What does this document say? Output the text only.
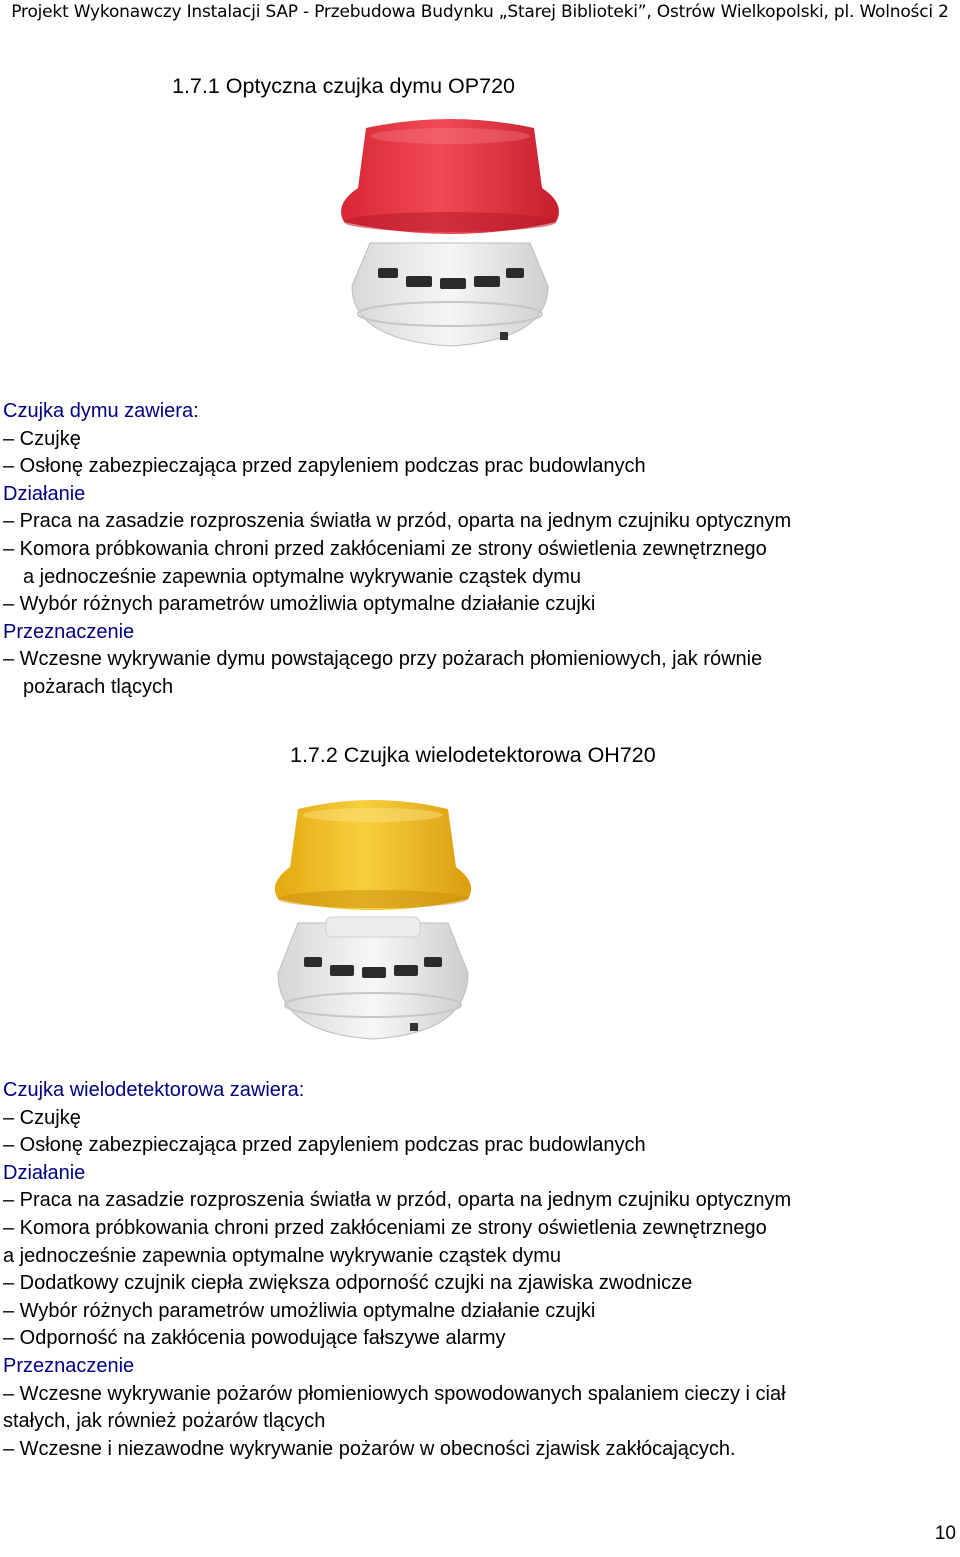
Projekt Wykonawczy Instalacji SAP - Przebudowa Budynku „Starej Biblioteki”, Ostrów Wielkopolski, pl. Wolności 2
1.7.1 Optyczna czujka dymu OP720
Czujka dymu zawiera:
– Czujkę
– Osłonę zabezpieczająca przed zapyleniem podczas prac budowlanych
Działanie
– Praca na zasadzie rozproszenia światła w przód, oparta na jednym czujniku optycznym
– Komora próbkowania chroni przed zakłóceniami ze strony oświetlenia zewnętrznego
a jednocześnie zapewnia optymalne wykrywanie cząstek dymu
– Wybór różnych parametrów umożliwia optymalne działanie czujki
Przeznaczenie
– Wczesne wykrywanie dymu powstającego przy pożarach płomieniowych, jak równie
pożarach tlących
1.7.2 Czujka wielodetektorowa OH720
Czujka wielodetektorowa zawiera:
– Czujkę
– Osłonę zabezpieczająca przed zapyleniem podczas prac budowlanych
Działanie
– Praca na zasadzie rozproszenia światła w przód, oparta na jednym czujniku optycznym
– Komora próbkowania chroni przed zakłóceniami ze strony oświetlenia zewnętrznego
a jednocześnie zapewnia optymalne wykrywanie cząstek dymu
– Dodatkowy czujnik ciepła zwiększa odporność czujki na zjawiska zwodnicze
– Wybór różnych parametrów umożliwia optymalne działanie czujki
– Odporność na zakłócenia powodujące fałszywe alarmy
Przeznaczenie
– Wczesne wykrywanie pożarów płomieniowych spowodowanych spalaniem cieczy i ciał
stałych, jak również pożarów tlących
– Wczesne i niezawodne wykrywanie pożarów w obecności zjawisk zakłócających.
10
